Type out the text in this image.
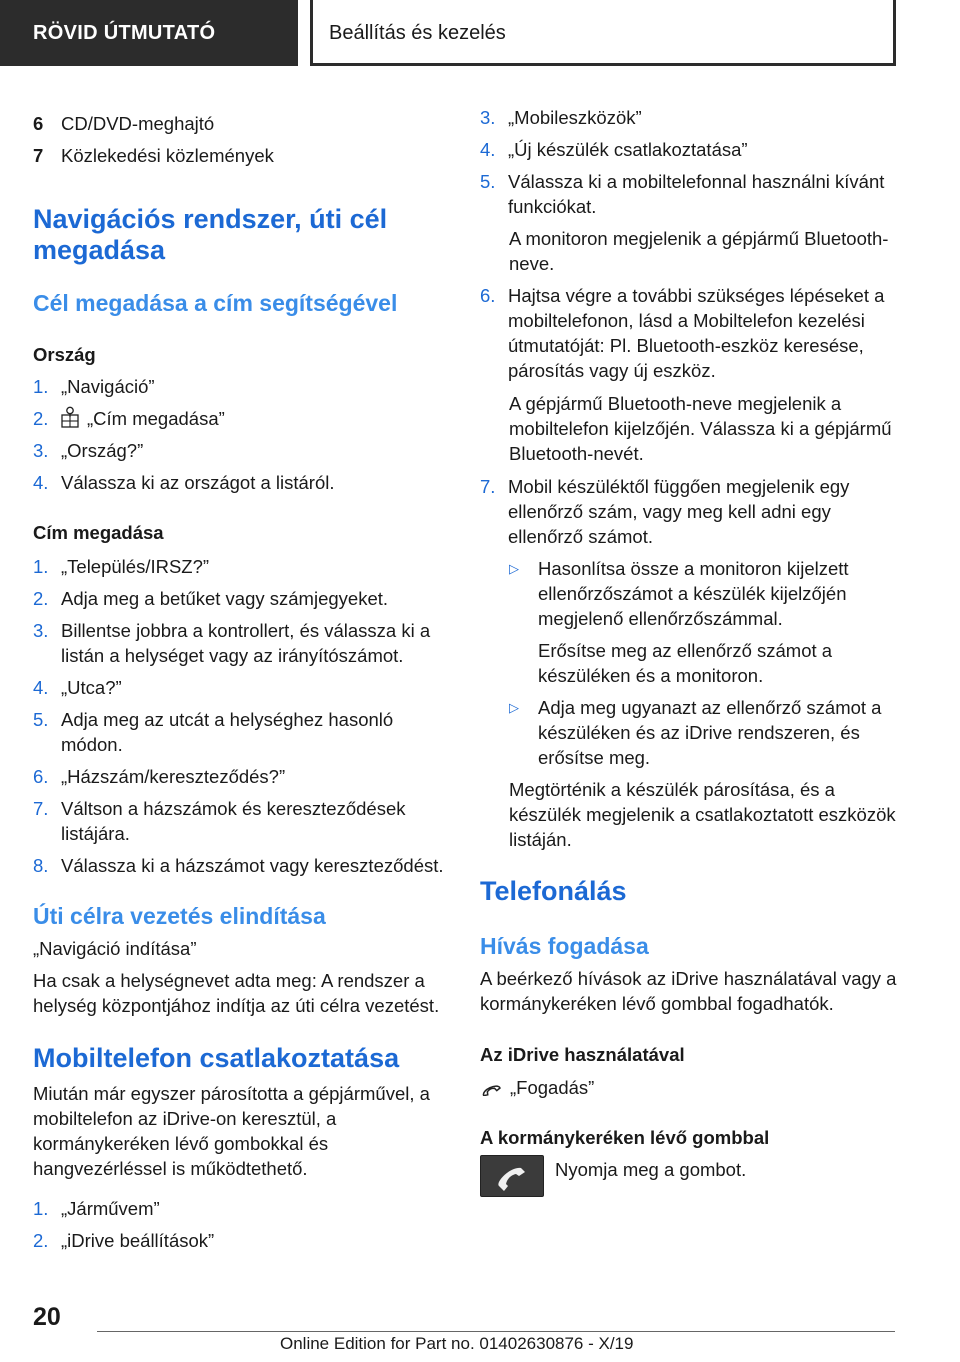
RÖVID ÚTMUTATÓ	Beállítás és kezelés
6 CD/DVD-meghajtó
7 Közlekedési közlemények
Navigációs rendszer, úti cél megadása
Cél megadása a cím segítségével
Ország
1. „Navigáció”
2.	„Cím megadása”
3. „Ország?”
4. Válassza ki az országot a listáról.
Cím megadása
1. „Település/IRSZ?”
2. Adja meg a betűket vagy számjegyeket.
3. Billentse jobbra a kontrollert, és válassza ki a listán a helységet vagy az irányítószámot.
4. „Utca?”
5. Adja meg az utcát a helységhez hasonló módon.
6. „Házszám/kereszteződés?”
7. Váltson a házszámok és kereszteződések listájára.
8. Válassza ki a házszámot vagy kereszteződést.
Úti célra vezetés elindítása
„Navigáció indítása”
Ha csak a helységnevet adta meg: A rendszer a helység központjához indítja az úti célra vezetést.
Mobiltelefon csatlakoztatása
Miután már egyszer párosította a gépjárművel, a mobiltelefon az iDrive-on keresztül, a kormánykeréken lévő gombokkal és hangvezérléssel is működtethető.
1. „Járművem”
2. „iDrive beállítások”
3. „Mobileszközök”
4. „Új készülék csatlakoztatása”
5. Válassza ki a mobiltelefonnal használni kívánt funkciókat.
A monitoron megjelenik a gépjármű Bluetooth-neve.
6. Hajtsa végre a további szükséges lépéseket a mobiltelefonon, lásd a Mobiltelefon kezelési útmutatóját: Pl. Bluetooth-eszköz keresése, párosítás vagy új eszköz.
A gépjármű Bluetooth-neve megjelenik a mobiltelefon kijelzőjén. Válassza ki a gépjármű Bluetooth-nevét.
7. Mobil készüléktől függően megjelenik egy ellenőrző szám, vagy meg kell adni egy ellenőrző számot.
▷ Hasonlítsa össze a monitoron kijelzett ellenőrzőszámot a készülék kijelzőjén megjelenő ellenőrzőszámmal.
Erősítse meg az ellenőrző számot a készüléken és a monitoron.
▷ Adja meg ugyanazt az ellenőrző számot a készüléken és az iDrive rendszeren, és erősítse meg.
Megtörténik a készülék párosítása, és a készülék megjelenik a csatlakoztatott eszközök listáján.
Telefonálás
Hívás fogadása
A beérkező hívások az iDrive használatával vagy a kormánykeréken lévő gombbal fogadhatók.
Az iDrive használatával
„Fogadás”
A kormánykeréken lévő gombbal
Nyomja meg a gombot.
20
Online Edition for Part no. 01402630876 - X/19
